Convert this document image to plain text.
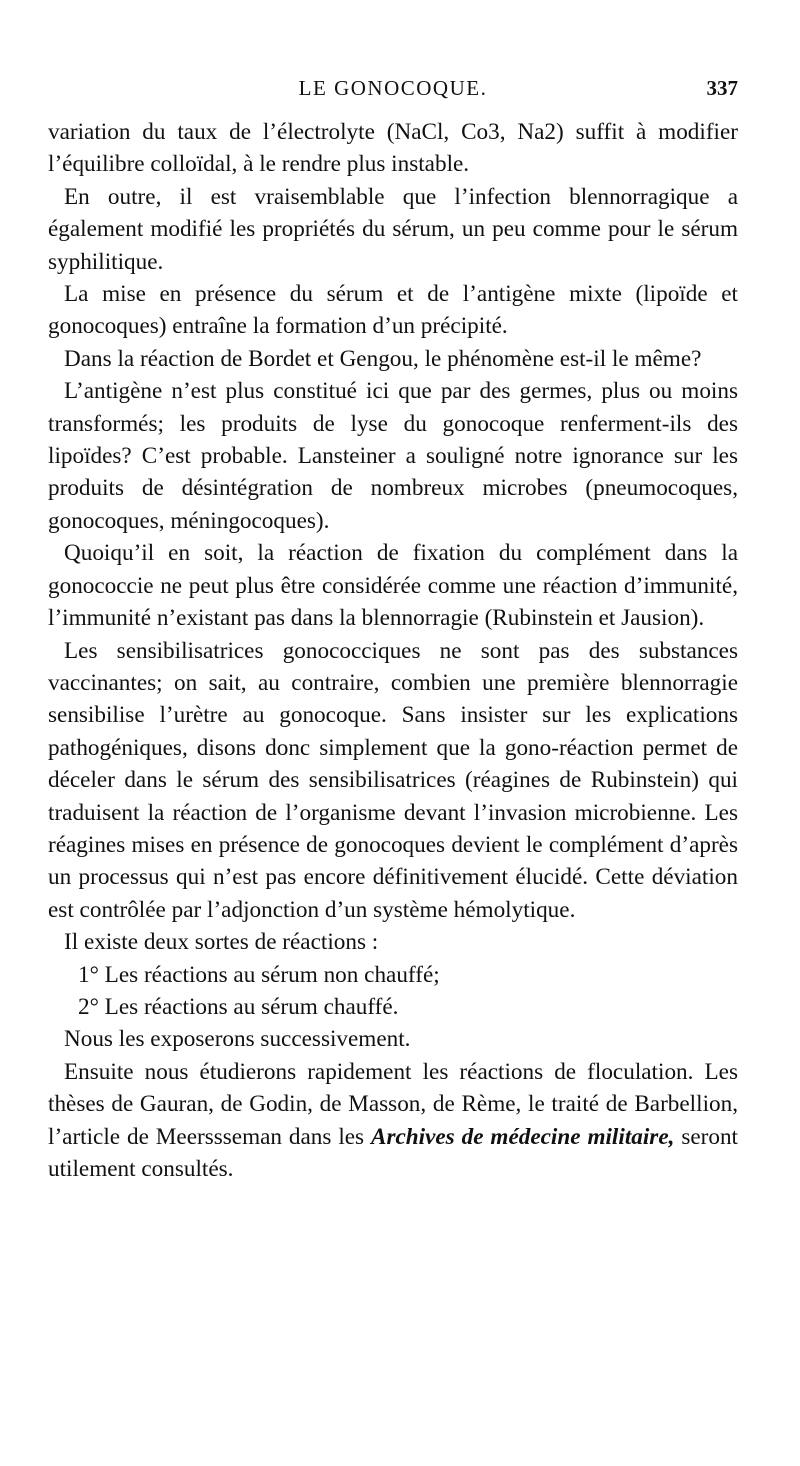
LE GONOCOQUE.	337

variation du taux de l’électrolyte (NaCl, Co3, Na2) suffit à modifier l’équilibre colloïdal, à le rendre plus instable.

En outre, il est vraisemblable que l’infection blennorragique a également modifié les propriétés du sérum, un peu comme pour le sérum syphilitique.

La mise en présence du sérum et de l’antigène mixte (lipoïde et gonocoques) entraîne la formation d’un précipité.

Dans la réaction de Bordet et Gengou, le phénomène est-il le même?

L’antigène n’est plus constitué ici que par des germes, plus ou moins transformés; les produits de lyse du gonocoque renferment-ils des lipoïdes? C’est probable. Lansteiner a souligné notre ignorance sur les produits de désintégration de nombreux microbes (pneumocoques, gonocoques, méningocoques).

Quoiqu’il en soit, la réaction de fixation du complément dans la gonococcie ne peut plus être considérée comme une réaction d’immunité, l’immunité n’existant pas dans la blennorragie (Rubinstein et Jausion).

Les sensibilisatrices gonococciques ne sont pas des substances vaccinantes; on sait, au contraire, combien une première blennorragie sensibilise l’urètre au gonocoque. Sans insister sur les explications pathogéniques, disons donc simplement que la gono-réaction permet de déceler dans le sérum des sensibilisatrices (réagines de Rubinstein) qui traduisent la réaction de l’organisme devant l’invasion microbienne. Les réagines mises en présence de gonocoques devient le complément d’après un processus qui n’est pas encore définitivement élucidé. Cette déviation est contrôlée par l’adjonction d’un système hémolytique.

Il existe deux sortes de réactions :

1° Les réactions au sérum non chauffé;

2° Les réactions au sérum chauffé.

Nous les exposerons successivement.

Ensuite nous étudierons rapidement les réactions de floculation. Les thèses de Gauran, de Godin, de Masson, de Rème, le traité de Barbellion, l’article de Meerssseman dans les Archives de médecine militaire, seront utilement consultés.
